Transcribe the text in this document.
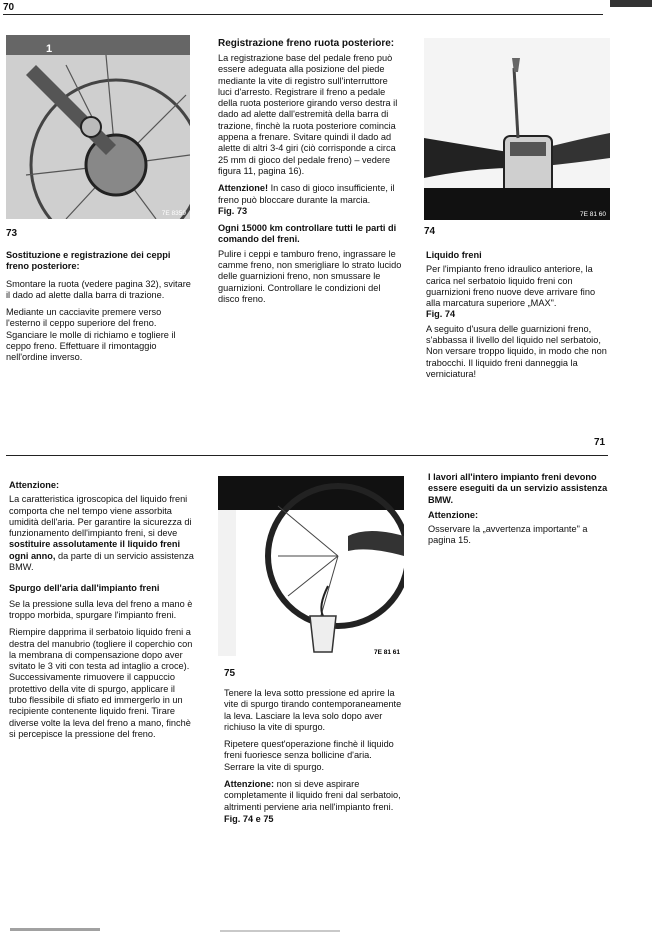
70
1
7E 8359
73

Sostituzione e registrazione dei ceppi freno posteriore:

Smontare la ruota (vedere pagina 32), svitare il dado ad alette dalla barra di trazione.

Mediante un cacciavite premere verso l'esterno il ceppo superiore del freno. Sganciare le molle di richiamo e togliere il ceppo freno. Effettuare il rimontaggio nell'ordine inverso.

Registrazione freno ruota posteriore:

La registrazione base del pedale freno può essere adeguata alla posizione del piede mediante la vite di registro sull'interruttore luci d'arresto. Registrare il freno a pedale della ruota posteriore girando verso destra il dado ad alette dall'estremità della barra di trazione, finchè la ruota posteriore comincia appena a frenare. Svitare quindi il dado ad alette di altri 3-4 giri (ciò corrisponde a circa 25 mm di gioco del pedale freno) – vedere figura 11, pagina 16).

Attenzione! In caso di gioco insufficiente, il freno può bloccare durante la marcia.

Fig. 73

Ogni 15000 km controllare tutti le parti di comando del freni.

Pulire i ceppi e tamburo freno, ingrassare le camme freno, non smerigliare lo strato lucido delle guarnizioni freno, non smussare le guarnizioni. Controllare le condizioni del disco freno.

7E 81 60
74

Liquido freni

Per l'impianto freno idraulico anteriore, la carica nel serbatoio liquido freni con guarnizioni freno nuove deve arrivare fino alla marcatura superiore „MAX".

Fig. 74

A seguito d'usura delle guarnizioni freno, s'abbassa il livello del liquido nel serbatoio, Non versare troppo liquido, in modo che non trabocchi. Il liquido freni danneggia la verniciatura!

71

Attenzione:

La caratteristica igroscopica del liquido freni comporta che nel tempo viene assorbita umidità dell'aria. Per garantire la sicurezza di funzionamento dell'impianto freni, si deve sostituire assolutamente il liquido freni ogni anno, da parte di un servicio assistenza BMW.

Spurgo dell'aria dall'impianto freni

Se la pressione sulla leva del freno a mano è troppo morbida, spurgare l'impianto freni.

Riempire dapprima il serbatoio liquido freni a destra del manubrio (togliere il coperchio con la membrana di compensazione dopo aver svitato le 3 viti con testa ad intaglio a croce). Successivamente rimuovere il cappuccio protettivo della vite di spurgo, applicare il tubo flessibile di sfiato ed immergerlo in un recipiente contenente liquido freni. Tirare diverse volte la leva del freno a mano, finchè si percepisce la pressione del freno.

7E 81 61
75

Tenere la leva sotto pressione ed aprire la vite di spurgo tirando contemporaneamente la leva. Lasciare la leva solo dopo aver richiuso la vite di spurgo.

Ripetere quest'operazione finchè il liquido freni fuoriesce senza bollicine d'aria. Serrare la vite di spurgo.

Attenzione: non si deve aspirare completamente il liquido freni dal serbatoio, altrimenti perviene aria nell'impianto freni.

Fig. 74 e 75

I lavori all'intero impianto freni devono essere eseguiti da un servizio assistenza BMW.

Attenzione:

Osservare la „avvertenza importante" a pagina 15.
